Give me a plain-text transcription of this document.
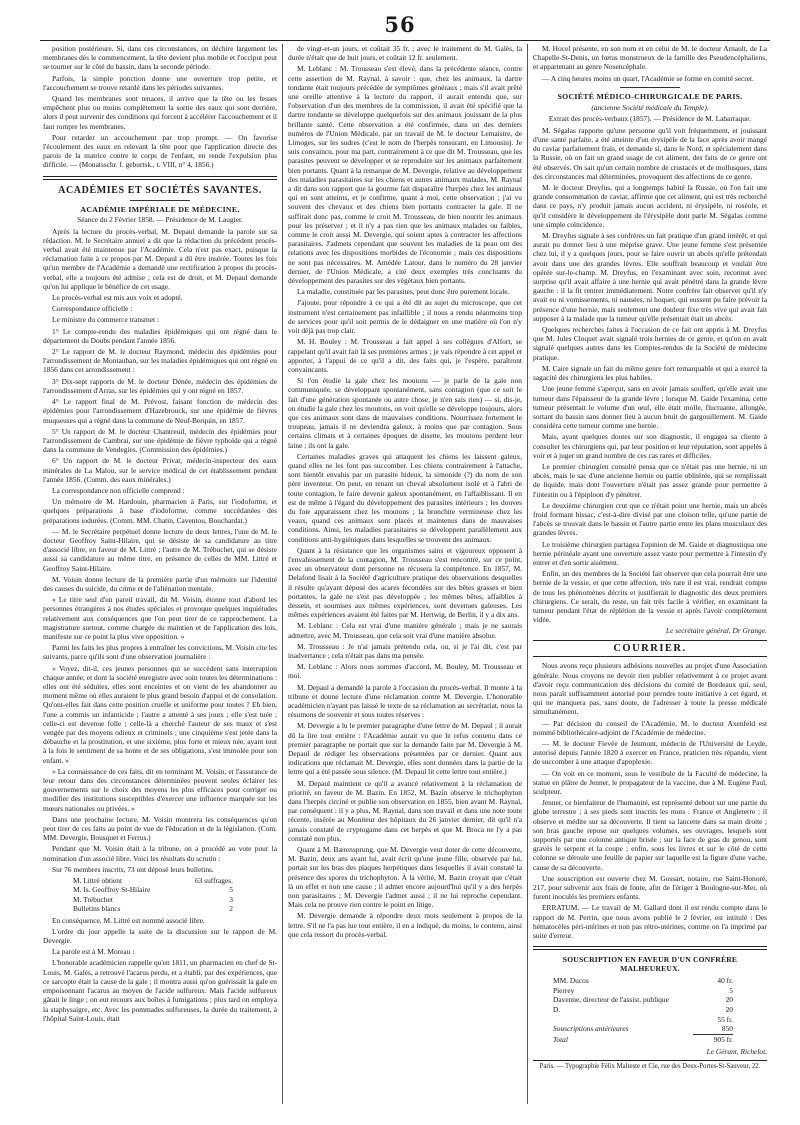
56

position postérieure. Si, dans ces circonstances, on déchire largement les membranes dès le commencement, la tête devient plus mobile et l'occiput peut se tourner sur le côté du bassin, dans la seconde période.

Parfois, la simple ponction donne une ouverture trop petite, et l'accouchement se trouve retardé dans les périodes suivantes.

Quand les membranes sont tenaces, il arrive que la tête ou les fesses empêchent plus ou moins complètement la sortie des eaux qui sont derrière, alors il peut survenir des conditions qui forcent à accélérer l'accouchement et il faut rompre les membranes.

Pour retarder un accouchement par trop prompt. — On favorise l'écoulement des eaux en relevant la tête pour que l'application directe des parois de la matrice contre le corps de l'enfant, en rende l'expulsion plus difficile. — (Monatsschr. f. geburtsk., t. VIII, n° 4, 1856.)

ACADÉMIES ET SOCIÉTÉS SAVANTES.
ACADÉMIE IMPÉRIALE DE MÉDECINE.
Séance du 2 Février 1858. — Présidence de M. Laugier.

Après la lecture du procès-verbal, M. Depaul demande la parole sur sa rédaction. M. le Secrétaire annuel a dit que la rédaction du précédent procès-verbal avait été maintenue par l'Académie. Cela n'est pas exact, puisque la réclamation faite à ce propos par M. Depaul a dû être insérée. Toutes les fois qu'un membre de l'Académie a demandé une rectification à propos du procès-verbal, elle a toujours été admise ; cela est de droit, et M. Depaul demande qu'on lui applique le bénéfice de cet usage.

Le procès-verbal est mis aux voix et adopté.

Correspondance officielle :

Le ministre du commerce transmet :

1° Le compte-rendu des maladies épidémiques qui ont régné dans le département du Doubs pendant l'année 1856.

2° Le rapport de M. le docteur Raymond, médecin des épidémies pour l'arrondissement de Montauban, sur les maladies épidémiques qui ont régné en 1856 dans cet arrondissement :

3° Dix-sept rapports de M. le docteur Dénée, médecin des épidémies de l'arrondissement d'Arras, sur les épidémies qui y ont régné en 1857.

4° Le rapport final de M. Prévost, faisant fonction de médecin des épidémies pour l'arrondissement d'Hazebrouck, sur une épidémie de fièvres muqueuses qui a régné dans la commune de Neuf-Berquin, en 1857.

5° Un rapport de M. le docteur Chantreuil, médecin des épidémies pour l'arrondissement de Cambrai, sur une épidémie de fièvre typhoïde qui a régné dans la commune de Vendegies. (Commission des épidémies.)

6° Un rapport de M. le docteur Privat, médecin-inspecteur des eaux minérales de La Malou, sur le service médical de cet établissement pendant l'année 1856. (Comm. des eaux minérales.)

La correspondance non officielle comprend :

Un mémoire de M. Hardouin, pharmacien à Paris, sur l'iodoforme, et quelques préparations à base d'iodoforme, comme succédanées des préparations iodurées. (Comm. MM. Chatin, Caventou, Bouchardat.)

— M. le Secrétaire perpétuel donne lecture de deux lettres, l'une de M. le docteur Geoffroy Saint-Hilaire, qui se désiste de sa candidature au titre d'associé libre, en faveur de M. Littré ; l'autre de M. Trébuchet, qui se désiste aussi sa candidature au même titre, en présence de celles de MM. Littré et Geoffroy Saint-Hilaire.

M. Voisin donne lecture de la première partie d'un mémoire sur l'identité des causes du suicide, du crime et de l'aliénation mentale.

« Le titre seul d'un pareil travail, dit M. Voisin, étonne tout d'abord les personnes étrangères à nos études spéciales et provoque quelques inquiétudes relativement aux conséquences que l'on peut tirer de ce rapprochement. La magistrature surtout, comme chargée du maintien et de l'application des lois, manifeste sur ce point la plus vive opposition. »

Parmi les faits les plus propres à entraîner les convictions, M. Voisin cite les suivants, parce qu'ils sont d'une observation journalière :

« Voyez, dit-il, ces jeunes personnes qui se succèdent sans interruption chaque année, et dont la société enregistre avec soin toutes les déterminations : elles ont été séduites, elles sont enceintes et on vient de les abandonner au moment même où elles auraient le plus grand besoin d'appui et de consolation. Qu'ont-elles fait dans cette position cruelle et uniforme pour toutes ? Eh bien, l'une a commis un infanticide ; l'autre a attenté à ses jours ; elle s'est tuée ; celle-ci est devenue folle ; celle-là a cherché l'auteur de ses maux et s'est vengée par des moyens odieux et criminels ; une cinquième s'est jetée dans la débauche et la prostitution, et une sixième, plus forte et mieux née, ayant tout à la fois le sentiment de sa honte et de ses obligations, s'est immolée pour son enfant. »

« La connaissance de ces faits, dit en terminant M. Voisin, et l'assurance de leur retour dans des circonstances déterminées peuvent seules éclairer les gouvernements sur le choix des moyens les plus efficaces pour corriger ou modifier des institutions susceptibles d'exercer une influence marquée sur les mœurs nationales ou privées. »

Dans une prochaine lecture, M. Voisin montrera les conséquences qu'on peut tirer de ces faits au point de vue de l'éducation et de la législation. (Com. MM. Devergie, Bousquet et Ferrus.)

Pendant que M. Voisin était à la tribune, on a procédé au vote pour la nomination d'un associé libre. Voici les résultats du scrutin :

Sur 76 membres inscrits, 73 ont déposé leurs bulletins.

M. Littré obtient	63 suffrages.
M. Is. Geoffroy St-Hilaire	5
M. Trébuchet	3
Bulletins blancs	2

En conséquence, M. Littré est nommé associé libre.

L'ordre du jour appelle la suite de la discussion sur le rapport de M. Devergie.

La parole est à M. Moreau :

L'honorable académicien rappelle qu'en 1811, un pharmacien en chef de St-Louis, M. Galès, a retrouvé l'acarus perdu, et a établi, par des expériences, que ce sarcopte était la cause de la gale ; il montra aussi qu'on guérissait la gale en empoisonnant l'acarus au moyen de l'acide sulfureux. Mais l'acide sulfureux gâtait le linge ; on eut recours aux boîtes à fumigations ; plus tard on employa la staphysaigre, etc. Avec les pommades sulfureuses, la durée du traitement, à l'hôpital Saint-Louis, était

de vingt-et-un jours, et coûtait 35 fr. ; avec le traitement de M. Galès, la durée n'était que de huit jours, et coûtait 12 fr. seulement.

M. Leblanc : M. Trousseau s'est élevé, dans la précédente séance, contre cette assertion de M. Raynal, à savoir : que, chez les animaux, la dartre tondante était toujours précédée de symptômes généraux ; mais s'il avait prêté une oreille attentive à la lecture du rapport, il aurait entendu que, sur l'observation d'un des membres de la commission, il avait été spécifié que la dartre tondante se développe quelquefois sur des animaux jouissant de la plus brillante santé. Cette observation a été confirmée, dans un des derniers numéros de l'Union Médicale, par un travail de M. le docteur Lemaistre, de Limoges, sur les sudres (c'est le nom de l'herpès tonsurant, en Limousin). Je suis convaincu, pour ma part, contrairement à ce que dit M. Trousseau, que les parasites peuvent se développer et se reproduire sur les animaux parfaitement bien portants. Quant à la remarque de M. Devergie, relative au développement des maladies parasitaires sur les chiens et autres animaux malades, M. Raynal a dit dans son rapport que la gourme fait disparaître l'herpès chez les animaux qui en sont atteints, et je confirme, quant à moi, cette observation ; j'ai vu souvent des chevaux et des chiens bien portants contracter la gale. Il ne suffirait donc pas, comme le croit M. Trousseau, de bien nourrir les animaux pour les préserver ; et il n'y a pas rien que les animaux malades ou faibles, comme le croit aussi M. Devergie, qui soient aptes à contracter les affections parasitaires. J'admets cependant que souvent les maladies de la peau ont des relations avec les dispositions morbides de l'économie ; mais ces dispositions ne sont pas nécessaires. M. Amédée Latour, dans le numéro du 28 janvier dernier, de l'Union Médicale, a cité deux exemples très concluants du développement des parasites sur des végétaux bien portants.

La maladie, constituée par les parasites, peut donc être purement locale.

J'ajoute, pour répondre à ce qui a été dit au sujet du microscope, que cet instrument n'est certainement pas infaillible ; il nous a rendu néanmoins trop de services pour qu'il soit permis de le dédaigner en une matière où l'on n'y voit déjà pas trop clair.

M. H. Bouley : M. Trousseau a fait appel à ses collègues d'Alfort, se rappelant qu'il avait fait là ses premières armes ; je vais répondre à cet appel et apporter, à l'appui de ce qu'il a dit, des faits qui, je l'espère, paraîtront convaincants.

Si l'on étudie la gale chez les moutons — je parle de la gale non communiquée, se développant spontanément, sans contagion (que ce soit le fait d'une génération spontanée ou autre chose, je n'en sais rien) — si, dis-je, on étudie la gale chez les moutons, on voit qu'elle se développe toujours, alors que ces animaux sont dans de mauvaises conditions. Nourrissez fortement le troupeau, jamais il ne deviendra galeux, à moins que par contagion. Sous certains climats et à certaines époques de disette, les moutons perdent leur laine ; ils ont la gale.

Certaines maladies graves qui attaquent les chiens les laissent galeux, quand elles ne les font pas succomber. Les chiens contrairement à l'attache, sont hientôt envahis par un parasite hideux, la simonide (?) du nom de son père inventeur. On peut, en tenant un cheval absolument isolé et à l'abri de toute contagion, le faire devenir galeux spontanément, en l'affaiblissant. Il en est de même à l'égard du développement des parasites intérieurs ; les douves du foie apparaissent chez les moutons ; la bronchite vermineuse chez les veaux, quand ces animaux sont placés et maintenus dans de mauvaises conditions. Ainsi, les maladies parasitaires se développent parallèlement aux conditions anti-hygiéniques dans lesquelles se trouvent des animaux.

Quant à la résistance que les organismes sains et vigoureux opposent à l'envahissement de la contagion, M. Trousseau s'est rencontré, sur ce point, avec un observateur dont personne ne récusera la compétence. En 1857, M. Delafond lisait à la Société d'agriculture pratique des observations desquelles il résulte qu'ayant déposé des acares fécondées sur des bêtes grasses et bien portantes, la gale ne s'est pas développée ; les mêmes bêtes, affaiblies à dessein, et soumises aux mêmes expériences, sont devenues galeuses. Les mêmes expériences avaient été faites par M. Hertwig, de Berlin, il y a dix ans.

M. Leblanc : Cela est vrai d'une manière générale ; mais je ne saurais admettre, avec M. Trousseau, que cela soit vrai d'une manière absolue.

M. Trousseau : Je n'ai jamais prétendu cela, ou, si je l'ai dit, c'est par inadvertance ; cela n'était pas dans ma pensée.

M. Leblanc : Alors nous sommes d'accord, M. Bouley, M. Trousseau et moi.

M. Depaul a demandé la parole à l'occasion du procès-verbal. Il monte à la tribune et donne lecture d'une réclamation contre M. Devergie. L'honorable académicien n'ayant pas laissé le texte de sa réclamation au secrétariat, nous la résumons de souvenir et sous toutes réserves :

M. Devergie a lu le premier paragraphe d'une lettre de M. Depaul ; il aurait dû la lire tout entière : l'Académie aurait vu que le refus contenu dans ce premier paragraphe ne portait que sur la demande faite par M. Devergie à M. Depaul de rédiger les observations présentées par ce dernier. Quant aux indications que réclamait M. Devergie, elles sont données dans la partie de la lettre qui a été passée sous silence. (M. Depaul lit cette lettre tout entière.)

M. Depaul maintient ce qu'il a avancé relativement à la réclamation de priorité, en faveur de M. Bazin. En 1852, M. Bazin observe le trichophyton dans l'herpès circiné et publie son observation en 1855, bien avant M. Raynal, par conséquent : il y a plus, M. Raynal, dans son travail et dans une note toute récente, insérée au Moniteur des hôpitaux du 26 janvier dernier, dit qu'il n'a jamais constaté de cryptogame dans cet herpès et que M. Broca ne l'y a pas constaté non plus.

Quant à M. Bærensprung, que M. Devergie veut doter de cette découverte, M. Bazin, deux ans avant lui, avait écrit qu'une jeune fille, observée par lui, portait sur les bras des plaques herpétiques dans lesquelles il avait constaté la présence des spores du trichophyton. À la vérité, M. Bazin croyait que c'était là un effet et non une cause ; il admet encore aujourd'hui qu'il y a des herpès non parasitaires ; M. Devergie l'admet aussi ; il ne lui reproche cependant. Mais cela ne prouve rien contre le point en litige.

M. Devergie demande à répondre deux mots seulement à propos de la lettre. S'il ne l'a pas lue tout entière, il en a indiqué, du moins, le contenu, ainsi que cela ressort du procès-verbal.

M. Hocel présente, en son nom et en celui de M. le docteur Arnault, de La Chapelle-St-Denis, un fœtus monstrueux de la famille des Pseudencéphaliens, et appartenant au genre Nosencéphale.

— A cinq heures moins un quart, l'Académie se forme en comité secret.

SOCIÉTÉ MÉDICO-CHIRURGICALE DE PARIS.
(ancienne Société médicale du Temple).
Extrait des procès-verbaux (1857). — Présidence de M. Labarraque.

M. Ségalas rapporte qu'une personne qu'il voit fréquemment, et jouissant d'une santé parfaite, a été atteinte d'un érysipèle de la face après avoir mangé du caviar parfaitement frais, et demande si, dans le Nord, et spécialement dans la Russie, où on fait un grand usage de cet aliment, des faits de ce genre ont été observés. On sait qu'un certain nombre de crustacés et de mollusques, dans des circonstances mal déterminées, provoquent des affections de ce genre.

M. le docteur Dreyfus, qui a longtemps habité la Russie, où l'on fait une grande consommation de caviar, affirme que cet aliment, qui est très recherché dans ce pays, n'y produit jamais aucun accident, ni érysipèle, ni roséole, et qu'il considère le développement de l'érysipèle dont parle M. Ségalas comme une simple coïncidence.

M. Dreyfus signale à ses confrères un fait pratique d'un grand intérêt, et qui aurait pu donner lieu à une méprise grave. Une jeune femme s'est présentée chez lui, il y a quelques jours, pour se faire ouvrir un abcès qu'elle prétendait avoir dans une des grandes lèvres. Elle souffrait beaucoup et voulait être opérée sur-le-champ. M. Dreyfus, en l'examinant avec soin, reconnut avec surprise qu'il avait affaire à une hernie qui avait pénétré dans la grande lèvre gauche : il la fit rentrer immédiatement. Notre confrère fait observer qu'il n'y avait eu ni vomissements, ni nausées, ni hoquet, qui eussent pu faire prévoir la présence d'une hernie, mais seulement une douleur fixe très vive qui avait fait supposer à la malade que la tumeur qu'elle présentait était un abcès.

Quelques recherches faites à l'occasion de ce fait ont appris à M. Dreyfus que M. Jules Cloquet avait signalé trois hernies de ce genre, et qu'on en avait signalé quelques autres dans les Comptes-rendus de la Société de médecine pratique.

M. Caire signale un fait du même genre fort remarquable et qui a exercé la sagacité des chirurgiens les plus habiles.

Une jeune femme s'aperçut, sans en avoir jamais souffert, qu'elle avait une tumeur dans l'épaisseur de la grande lèvre ; lorsque M. Gaide l'examina, cette tumeur présentait le volume d'un œuf, elle était molle, fluctuante, allongée, sortant du bassin sans donner lieu à aucun bruit de gargouillement. M. Gaide considéra cette tumeur comme une hernie.

Mais, ayant quelques doutes sur son diagnostic, il engagea sa cliente à consulter les chirurgiens qui, par leur position et leur réputation, sont appelés à voir et à juger un grand nombre de ces cas rares et difficiles.

Le premier chirurgien consulté pensa que ce n'était pas une hernie, ni un abcès, mais le sac d'une ancienne hernie ou partie oblitérée, qui se remplissait de liquide, mais dont l'ouverture n'était pas assez grande pour permettre à l'intestin ou à l'épiploon d'y pénétrer.

Le deuxième chirurgien crut que ce n'était point une hernie, mais un abcès froid formant bissac, c'est-à-dire divisé par une cloison telle, qu'une partie de l'abcès se trouvait dans le bassin et l'autre partie entre les plans musculaux des grandes lèvres.

Le troisième chirurgien partagea l'opinion de M. Gaide et diagnostiqua une hernie périnéale ayant une ouverture assez vaste pour permettre à l'intestin d'y entrer et d'en sortir aisément.

Enfin, un des membres de la Société fait observer que cela pourrait être une hernie de la vessie, et que cette affection, très rare il est vrai, rendrait compte de tous les phénomènes décrits et justifierait le diagnostic des deux premiers chirurgiens. Ce serait, du reste, un fait très facile à vérifier, en examinant la tumeur pendant l'état de réplétion de la vessie et après l'avoir complètement vidée.

Le secrétaire général, Dr Grange.
COURRIER.

Nous avons reçu plusieurs adhésions nouvelles au projet d'une Association générale. Nous croyons ne devoir rien publier relativement à ce projet avant d'avoir reçu communication des décisions du comité de Bordeaux qui, seul, nous paraît suffisamment autorisé pour prendre toute initiative à cet égard, et qui ne manquera pas, sans doute, de l'adresser à toute la presse médicale simultanément.

— Par décision du conseil de l'Académie, M. le docteur Axenfeld est nommé bibliothécaire-adjoint de l'Académie de médecine.

— M. le docteur Fievée de Jeumont, médecin de l'Université de Leyde, autorisé depuis l'année 1820 à exercer en France, praticien très répandu, vient de succomber à une attaque d'apoplexie.

— On voit en ce moment, sous le vestibule de la Faculté de médecine, la statue en plâtre de Jenner, le propagateur de la vaccine, due à M. Eugène Paul, sculpteur.

Jenner, ce bienfaiteur de l'humanité, est représenté debout sur une partie du globe terrestre ; à ses pieds sont inscrits les mots : France et Angleterre ; il observe et médite sur sa découverte. Il tient sa lancette dans sa main droite ; son bras gauche repose sur quelques volumes, ses ouvrages, lesquels sont supportés par une colonne antique brisée ; sur la face de gras du genou, sont gravés le serpent et la coupe ; enfin, sous les livres et sur le côté de cette colonne se déroule une feuille de papier sur laquelle est la figure d'une vache, cause de sa découverte.

Une souscription est ouverte chez M. Gossart, notaire, rue Saint-Honoré, 217, pour subvenir aux frais de fonte, afin de l'ériger à Boulogne-sur-Mer, où furent inoculés les premiers enfants.

ERRATUM. — Le travail de M. Gallard dont il est rendu compte dans le rapport de M. Perrin, que nous avons publié le 2 février, est intitulé : Des hématocèles péri-utérines et non pas rétro-utérines, comme on l'a imprimé par suite d'erreur.

SOUSCRIPTION EN FAVEUR D'UN CONFRÈRE MALHEUREUX.
MM. Ducos	40 fr.
Pierrey	5
Davenne, directeur de l'assist. publique	20
D.	20
55 fr.
Souscriptions antérieures	850
Total	905 fr.
Le Gérant, Richelot.
Paris. — Typographie Félix Malteste et Cie, rue des Deux-Portes-St-Sauveur, 22.
